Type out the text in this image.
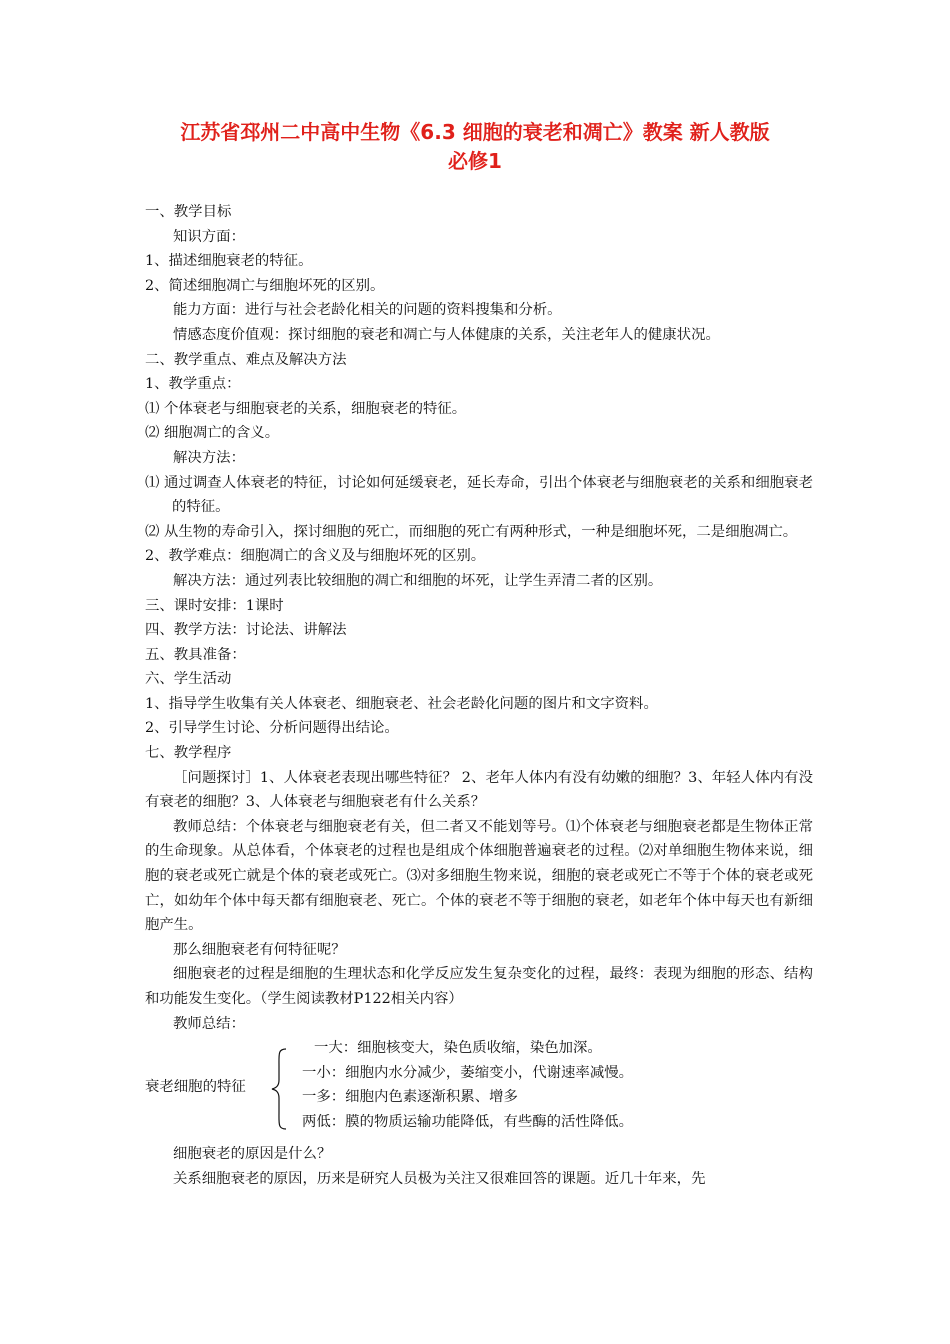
江苏省邳州二中高中生物《6.3 细胞的衰老和凋亡》教案 新人教版
必修1
一、教学目标
知识方面：
1、描述细胞衰老的特征。
2、简述细胞凋亡与细胞坏死的区别。
能力方面：进行与社会老龄化相关的问题的资料搜集和分析。
情感态度价值观：探讨细胞的衰老和凋亡与人体健康的关系，关注老年人的健康状况。
二、教学重点、难点及解决方法
1、教学重点：
⑴ 个体衰老与细胞衰老的关系，细胞衰老的特征。
⑵ 细胞凋亡的含义。
解决方法：
⑴ 通过调查人体衰老的特征，讨论如何延缓衰老，延长寿命，引出个体衰老与细胞衰老的关系和细胞衰老的特征。
⑵ 从生物的寿命引入，探讨细胞的死亡，而细胞的死亡有两种形式，一种是细胞坏死，二是细胞凋亡。
2、教学难点：细胞凋亡的含义及与细胞坏死的区别。
解决方法：通过列表比较细胞的凋亡和细胞的坏死，让学生弄清二者的区别。
三、课时安排：1课时
四、教学方法：讨论法、讲解法
五、教具准备：
六、学生活动
1、指导学生收集有关人体衰老、细胞衰老、社会老龄化问题的图片和文字资料。
2、引导学生讨论、分析问题得出结论。
七、教学程序
［问题探讨］1、人体衰老表现出哪些特征？ 2、老年人体内有没有幼嫩的细胞？3、年轻人体内有没有衰老的细胞？3、人体衰老与细胞衰老有什么关系？
教师总结：个体衰老与细胞衰老有关，但二者又不能划等号。⑴个体衰老与细胞衰老都是生物体正常的生命现象。从总体看，个体衰老的过程也是组成个体细胞普遍衰老的过程。⑵对单细胞生物体来说，细胞的衰老或死亡就是个体的衰老或死亡。⑶对多细胞生物来说，细胞的衰老或死亡不等于个体的衰老或死亡，如幼年个体中每天都有细胞衰老、死亡。个体的衰老不等于细胞的衰老，如老年个体中每天也有新细胞产生。
那么细胞衰老有何特征呢？
细胞衰老的过程是细胞的生理状态和化学反应发生复杂变化的过程，最终：表现为细胞的形态、结构和功能发生变化。（学生阅读教材P122相关内容）
教师总结：
衰老细胞的特征
一大：细胞核变大，染色质收缩，染色加深。
一小：细胞内水分减少，萎缩变小，代谢速率减慢。
一多：细胞内色素逐渐积累、增多
两低：膜的物质运输功能降低，有些酶的活性降低。
细胞衰老的原因是什么？
关系细胞衰老的原因，历来是研究人员极为关注又很难回答的课题。近几十年来，先
